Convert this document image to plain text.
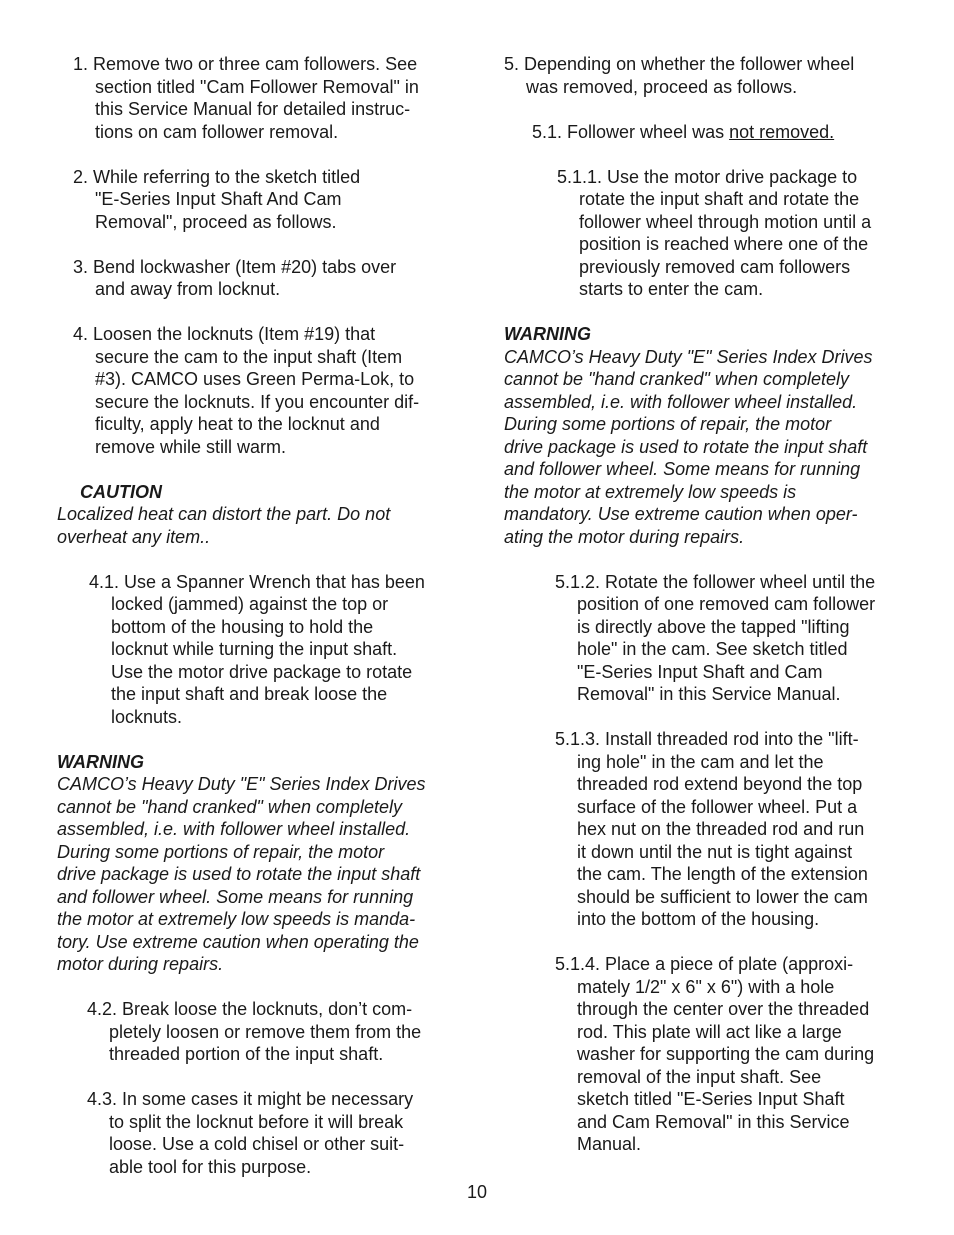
1. Remove two or three cam followers. See
section titled "Cam Follower Removal" in
this Service Manual for detailed instruc-
tions on cam follower removal.
2. While referring to the sketch titled
"E-Series Input Shaft And Cam
Removal", proceed as follows.
3. Bend lockwasher (Item #20) tabs over
and away from locknut.
4. Loosen the locknuts (Item #19) that
secure the cam to the input shaft (Item
#3). CAMCO uses Green Perma-Lok, to
secure the locknuts. If you encounter dif-
ficulty, apply heat to the locknut and
remove while still warm.
CAUTION
Localized heat can distort the part. Do not
overheat any item..
4.1. Use a Spanner Wrench that has been
locked (jammed) against the top or
bottom of the housing to hold the
locknut while turning the input shaft.
Use the motor drive package to rotate
the input shaft and break loose the
locknuts.
WARNING
CAMCO’s Heavy Duty "E" Series Index Drives
cannot be "hand cranked" when completely
assembled, i.e. with follower wheel installed.
During some portions of repair, the motor
drive package is used to rotate the input shaft
and follower wheel. Some means for running
the motor at extremely low speeds is manda-
tory. Use extreme caution when operating the
motor during repairs.
4.2. Break loose the locknuts, don’t com-
pletely loosen or remove them from the
threaded portion of the input shaft.
4.3. In some cases it might be necessary
to split the locknut before it will break
loose. Use a cold chisel or other suit-
able tool for this purpose.
5. Depending on whether the follower wheel
was removed, proceed as follows.
5.1. Follower wheel was not removed.
5.1.1. Use the motor drive package to
rotate the input shaft and rotate the
follower wheel through motion until a
position is reached where one of the
previously removed cam followers
starts to enter the cam.
WARNING
CAMCO’s Heavy Duty "E" Series Index Drives
cannot be "hand cranked" when completely
assembled, i.e. with follower wheel installed.
During some portions of repair, the motor
drive package is used to rotate the input shaft
and follower wheel. Some means for running
the motor at extremely low speeds is
mandatory. Use extreme caution when oper-
ating the motor during repairs.
5.1.2. Rotate the follower wheel until the
position of one removed cam follower
is directly above the tapped "lifting
hole" in the cam. See sketch titled
"E-Series Input Shaft and Cam
Removal" in this Service Manual.
5.1.3. Install threaded rod into the "lift-
ing hole" in the cam and let the
threaded rod extend beyond the top
surface of the follower wheel. Put a
hex nut on the threaded rod and run
it down until the nut is tight against
the cam. The length of the extension
should be sufficient to lower the cam
into the bottom of the housing.
5.1.4. Place a piece of plate (approxi-
mately 1/2" x 6" x 6") with a hole
through the center over the threaded
rod. This plate will act like a large
washer for supporting the cam during
removal of the input shaft. See
sketch titled "E-Series Input Shaft
and Cam Removal" in this Service
Manual.
10
